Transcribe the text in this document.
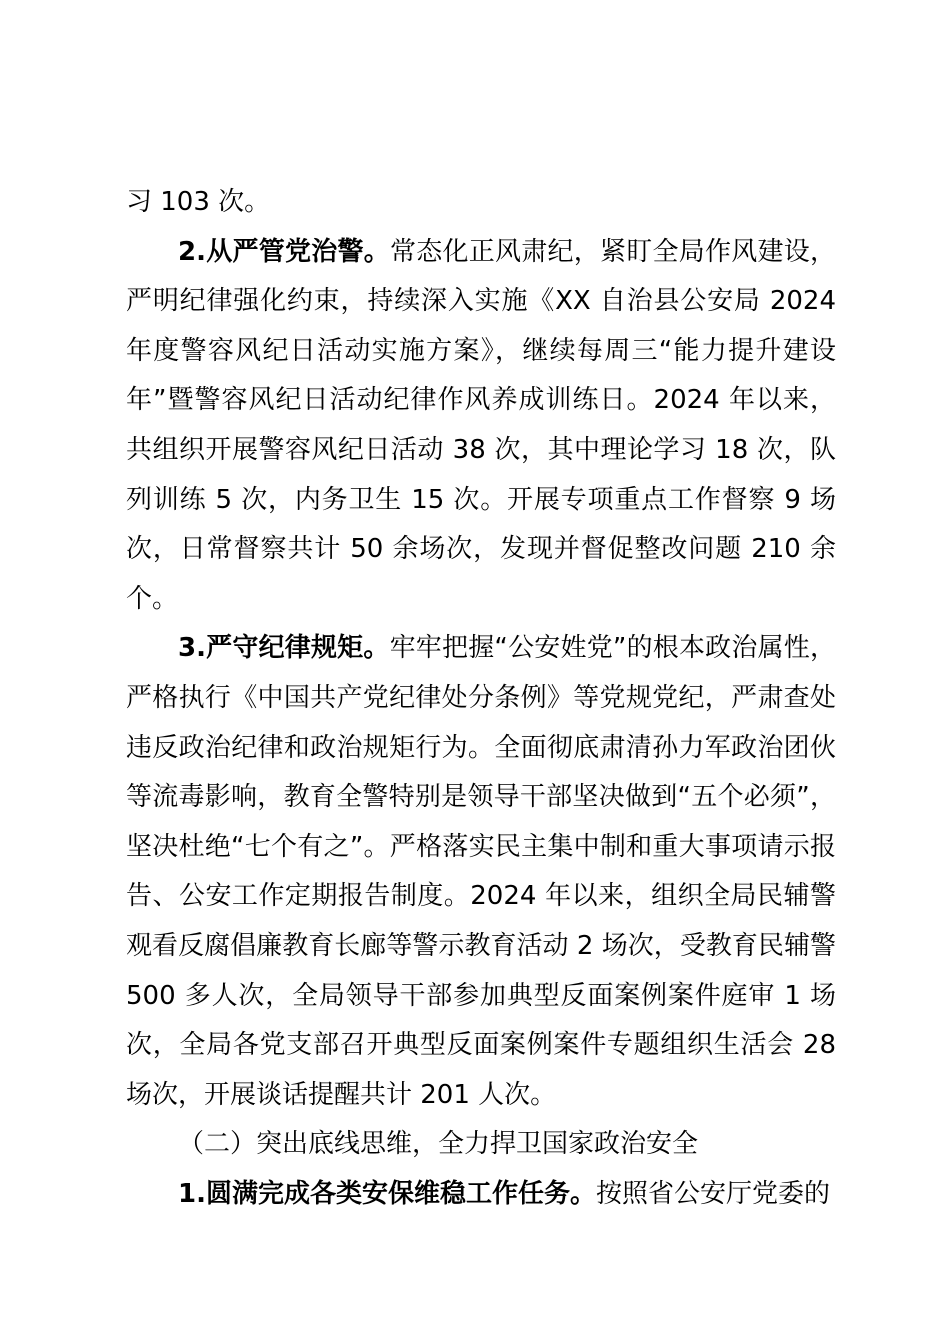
习 103 次。

2.从严管党治警。常态化正风肃纪，紧盯全局作风建设，严明纪律强化约束，持续深入实施《XX 自治县公安局 2024 年度警容风纪日活动实施方案》，继续每周三“能力提升建设年”暨警容风纪日活动纪律作风养成训练日。2024 年以来，共组织开展警容风纪日活动 38 次，其中理论学习 18 次，队列训练 5 次，内务卫生 15 次。开展专项重点工作督察 9 场次，日常督察共计 50 余场次，发现并督促整改问题 210 余个。

3.严守纪律规矩。牢牢把握“公安姓党”的根本政治属性，严格执行《中国共产党纪律处分条例》等党规党纪，严肃查处违反政治纪律和政治规矩行为。全面彻底肃清孙力军政治团伙等流毒影响，教育全警特别是领导干部坚决做到“五个必须”，坚决杜绝“七个有之”。严格落实民主集中制和重大事项请示报告、公安工作定期报告制度。2024 年以来，组织全局民辅警观看反腐倡廉教育长廊等警示教育活动 2 场次，受教育民辅警 500 多人次，全局领导干部参加典型反面案例案件庭审 1 场次，全局各党支部召开典型反面案例案件专题组织生活会 28 场次，开展谈话提醒共计 201 人次。

（二）突出底线思维，全力捍卫国家政治安全

1.圆满完成各类安保维稳工作任务。按照省公安厅党委的
